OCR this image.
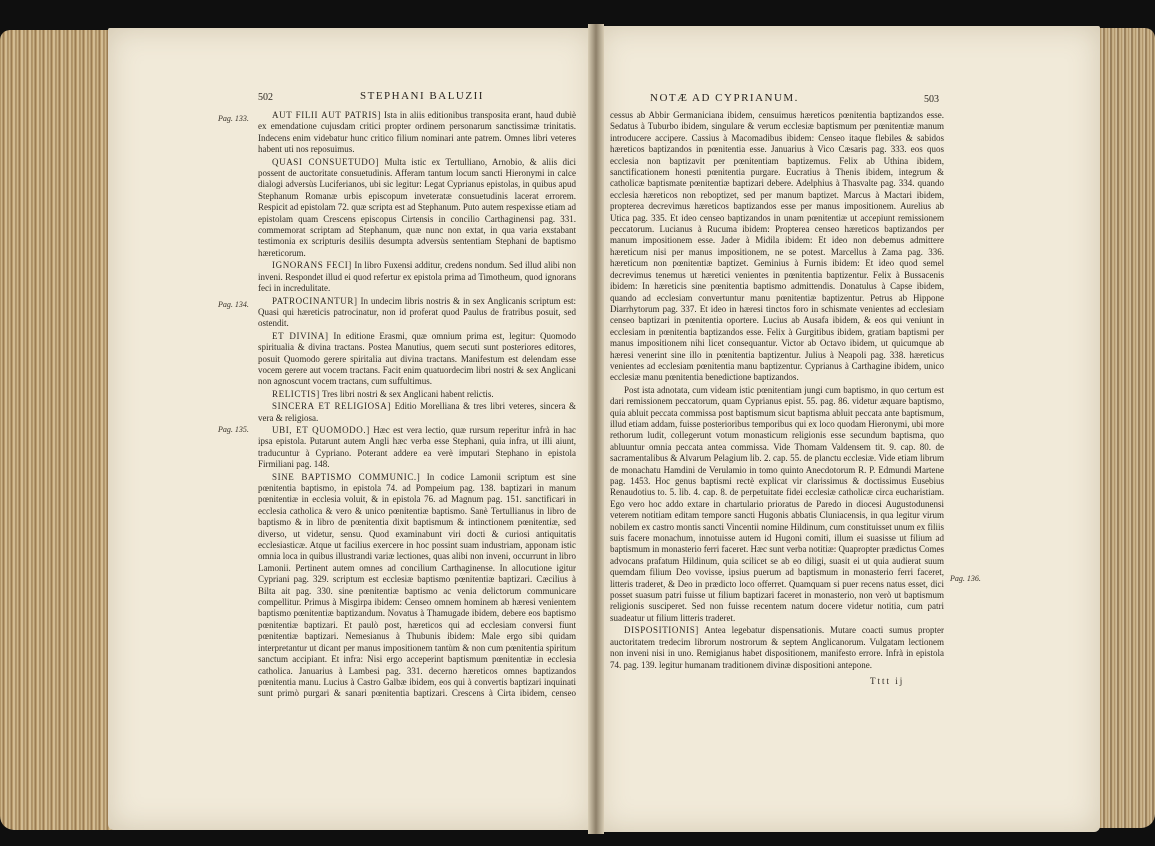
502	STEPHANI BALUZII
Pag. 133.
Pag. 134.
Pag. 135.

AUT FILII AUT PATRIS] Ista in aliis editionibus transposita erant, haud dubiè ex emendatione cujusdam critici propter ordinem personarum sanctissimæ trinitatis. Indecens enim videbatur hunc critico filium nominari ante patrem. Omnes libri veteres habent uti nos reposuimus.

QUASI CONSUETUDO] Multa istic ex Tertulliano, Arnobio, & aliis dici possent de auctoritate consuetudinis. Afferam tantum locum sancti Hieronymi in calce dialogi adversùs Luciferianos, ubi sic legitur: Legat Cyprianus epistolas, in quibus apud Stephanum Romanæ urbis episcopum inveteratæ consuetudinis lacerat errorem. Respicit ad epistolam 72. quæ scripta est ad Stephanum. Puto autem respexisse etiam ad epistolam quam Crescens episcopus Cirtensis in concilio Carthaginensi pag. 331. commemorat scriptam ad Stephanum, quæ nunc non extat, in qua varia exstabant testimonia ex scripturis desiliis desumpta adversùs sententiam Stephani de baptismo hæreticorum.

IGNORANS FECI] In libro Fuxensi additur, credens nondum. Sed illud alibi non inveni. Respondet illud ei quod refertur ex epistola prima ad Timotheum, quod ignorans feci in incredulitate.

PATROCINANTUR] In undecim libris nostris & in sex Anglicanis scriptum est: Quasi qui hæreticis patrocinatur, non id proferat quod Paulus de fratribus posuit, sed ostendit.

ET DIVINA] In editione Erasmi, quæ omnium prima est, legitur: Quomodo spiritualia & divina tractans. Postea Manutius, quem secuti sunt posteriores editores, posuit Quomodo gerere spiritalia aut divina tractans. Manifestum est delendam esse vocem gerere aut vocem tractans. Facit enim quatuordecim libri nostri & sex Anglicani non agnoscunt vocem tractans, cum suffultimus.

RELICTIS] Tres libri nostri & sex Anglicani habent relictis.

SINCERA ET RELIGIOSA] Editio Morelliana & tres libri veteres, sincera & vera & religiosa.

UBI, ET QUOMODO.] Hæc est vera lectio, quæ rursum reperitur infrà in hac ipsa epistola. Putarunt autem Angli hæc verba esse Stephani, quia infra, ut illi aiunt, traducuntur à Cypriano. Poterant addere ea verè imputari Stephano in epistola Firmiliani pag. 148.

SINE BAPTISMO COMMUNIC.] In codice Lamonii scriptum est sine pœnitentia baptismo, in epistola 74. ad Pompeium pag. 138. baptizari in manum pœnitentiæ in ecclesia voluit, & in epistola 76. ad Magnum pag. 151. sanctificari in ecclesia catholica & vero & unico pœnitentiæ baptismo. Sanè Tertullianus in libro de baptismo & in libro de pœnitentia dixit baptismum & intinctionem pœnitentiæ, sed diverso, ut videtur, sensu. Quod examinabunt viri docti & curiosi antiquitatis ecclesiasticæ. Atque ut facilius exercere in hoc possint suam industriam, apponam istic omnia loca in quibus illustrandi variæ lectiones, quas alibi non inveni, occurrunt in libro Lamonii. Pertinent autem omnes ad concilium Carthaginense. In allocutione igitur Cypriani pag. 329. scriptum est ecclesiæ baptismo pœnitentiæ baptizari. Cæcilius à Bilta ait pag. 330. sine pœnitentiæ baptismo ac venia delictorum communicare compellitur. Primus à Misgirpa ibidem: Censeo omnem hominem ab hæresi venientem baptismo pœnitentiæ baptizandum. Novatus à Thamugade ibidem, debere eos baptismo pœnitentiæ baptizari. Et paulò post, hæreticos qui ad ecclesiam conversi fiunt pœnitentiæ baptizari. Nemesianus à Thubunis ibidem: Male ergo sibi quidam interpretantur ut dicant per manus impositionem tantùm & non cum pœnitentia spiritum sanctum accipiant. Et infra: Nisi ergo acceperint baptismum pœnitentiæ in ecclesia catholica. Januarius à Lambesi pag. 331. decerno hæreticos omnes baptizandos pœnitentia manu. Lucius à Castro Galbæ ibidem, eos qui à convertis baptizari inquinati sunt primò purgari & sanari pœnitentia baptizari. Crescens à Cirta ibidem, censeo

NOTÆ AD CYPRIANUM.	503
Pag. 136.

cessus ab Abbir Germaniciana ibidem, censuimus hæreticos pœnitentia baptizandos esse. Sedatus à Tuburbo ibidem, singulare & verum ecclesiæ baptismum per pœnitentiæ manum introducere accipere. Cassius à Macomadibus ibidem: Censeo itaque flebiles & sabidos hæreticos baptizandos in pœnitentia esse. Januarius à Vico Cæsaris pag. 333. eos quos ecclesia non baptizavit per pœnitentiam baptizemus. Felix ab Uthina ibidem, sanctificationem honesti pœnitentia purgare. Eucratius à Thenis ibidem, integrum & catholicæ baptismate pœnitentiæ baptizari debere. Adelphius à Thasvalte pag. 334. quando ecclesia hæreticos non reboptizet, sed per manum baptizet. Marcus à Mactari ibidem, propterea decrevimus hæreticos baptizandos esse per manus impositionem. Aurelius ab Utica pag. 335. Et ideo censeo baptizandos in unam pœnitentiæ ut accepiunt remissionem peccatorum. Lucianus à Rucuma ibidem: Propterea censeo hæreticos baptizandos per manum impositionem esse. Jader à Midila ibidem: Et ideo non debemus admittere hæreticum nisi per manus impositionem, ne se potest. Marcellus à Zama pag. 336. hæreticum non pœnitentiæ baptizet. Geminius à Furnis ibidem: Et ideo quod semel decrevimus tenemus ut hæretici venientes in pœnitentia baptizentur. Felix à Bussacenis ibidem: In hæreticis sine pœnitentia baptismo admittendis. Donatulus à Capse ibidem, quando ad ecclesiam convertuntur manu pœnitentiæ baptizentur. Petrus ab Hippone Diarrhytorum pag. 337. Et ideo in hæresi tinctos foro in schismate venientes ad ecclesiam censeo baptizari in pœnitentia oportere. Lucius ab Ausafa ibidem, & eos qui veniunt in ecclesiam in pœnitentia baptizandos esse. Felix à Gurgitibus ibidem, gratiam baptismi per manus impositionem nihi licet consequantur. Victor ab Octavo ibidem, ut quicumque ab hæresi venerint sine illo in pœnitentia baptizentur. Julius à Neapoli pag. 338. hæreticus venientes ad ecclesiam pœnitentia manu baptizentur. Cyprianus à Carthagine ibidem, unico ecclesiæ manu pœnitentia benedictione baptizandos.

Post ista adnotata, cum videam istic pœnitentiam jungi cum baptismo, in quo certum est dari remissionem peccatorum, quam Cyprianus epist. 55. pag. 86. videtur æquare baptismo, quia abluit peccata commissa post baptismum sicut baptisma abluit peccata ante baptismum, illud etiam addam, fuisse posterioribus temporibus qui ex loco quodam Hieronymi, ubi more rethorum ludit, collegerunt votum monasticum religionis esse secundum baptisma, quo abluuntur omnia peccata antea commissa. Vide Thomam Valdensem tit. 9. cap. 80. de sacramentalibus & Alvarum Pelagium lib. 2. cap. 55. de planctu ecclesiæ. Vide etiam librum de monachatu Hamdini de Verulamio in tomo quinto Anecdotorum R. P. Edmundi Martene pag. 1453. Hoc genus baptismi rectè explicat vir clarissimus & doctissimus Eusebius Renaudotius to. 5. lib. 4. cap. 8. de perpetuitate fidei ecclesiæ catholicæ circa eucharistiam. Ego vero hoc addo extare in chartulario prioratus de Paredo in diocesi Augustodunensi veterem notitiam editam tempore sancti Hugonis abbatis Cluniacensis, in qua legitur virum nobilem ex castro montis sancti Vincentii nomine Hildinum, cum constituisset unum ex filiis suis facere monachum, innotuisse autem id Hugoni comiti, illum ei suasisse ut filium ad baptismum in monasterio ferri faceret. Hæc sunt verba notitiæ: Quapropter prædictus Comes advocans prafatum Hildinum, quia scilicet se ab eo diligi, suasit ei ut quia audierat suum quemdam filium Deo vovisse, ipsius puerum ad baptismum in monasterio ferri faceret, litteris traderet, & Deo in prædicto loco offerret. Quamquam si puer recens natus esset, dici posset suasum patri fuisse ut filium baptizari faceret in monasterio, non verò ut baptismum religionis susciperet. Sed non fuisse recentem natum docere videtur notitia, cum patri suadeatur ut filium litteris traderet.

DISPOSITIONIS] Antea legebatur dispensationis. Mutare coacti sumus propter auctoritatem tredecim librorum nostrorum & septem Anglicanorum. Vulgatam lectionem non inveni nisi in uno. Remigianus habet dispositionem, manifesto errore. Infrà in epistola 74. pag. 139. legitur humanam traditionem divinæ dispositioni antepone.

Tttt ij
